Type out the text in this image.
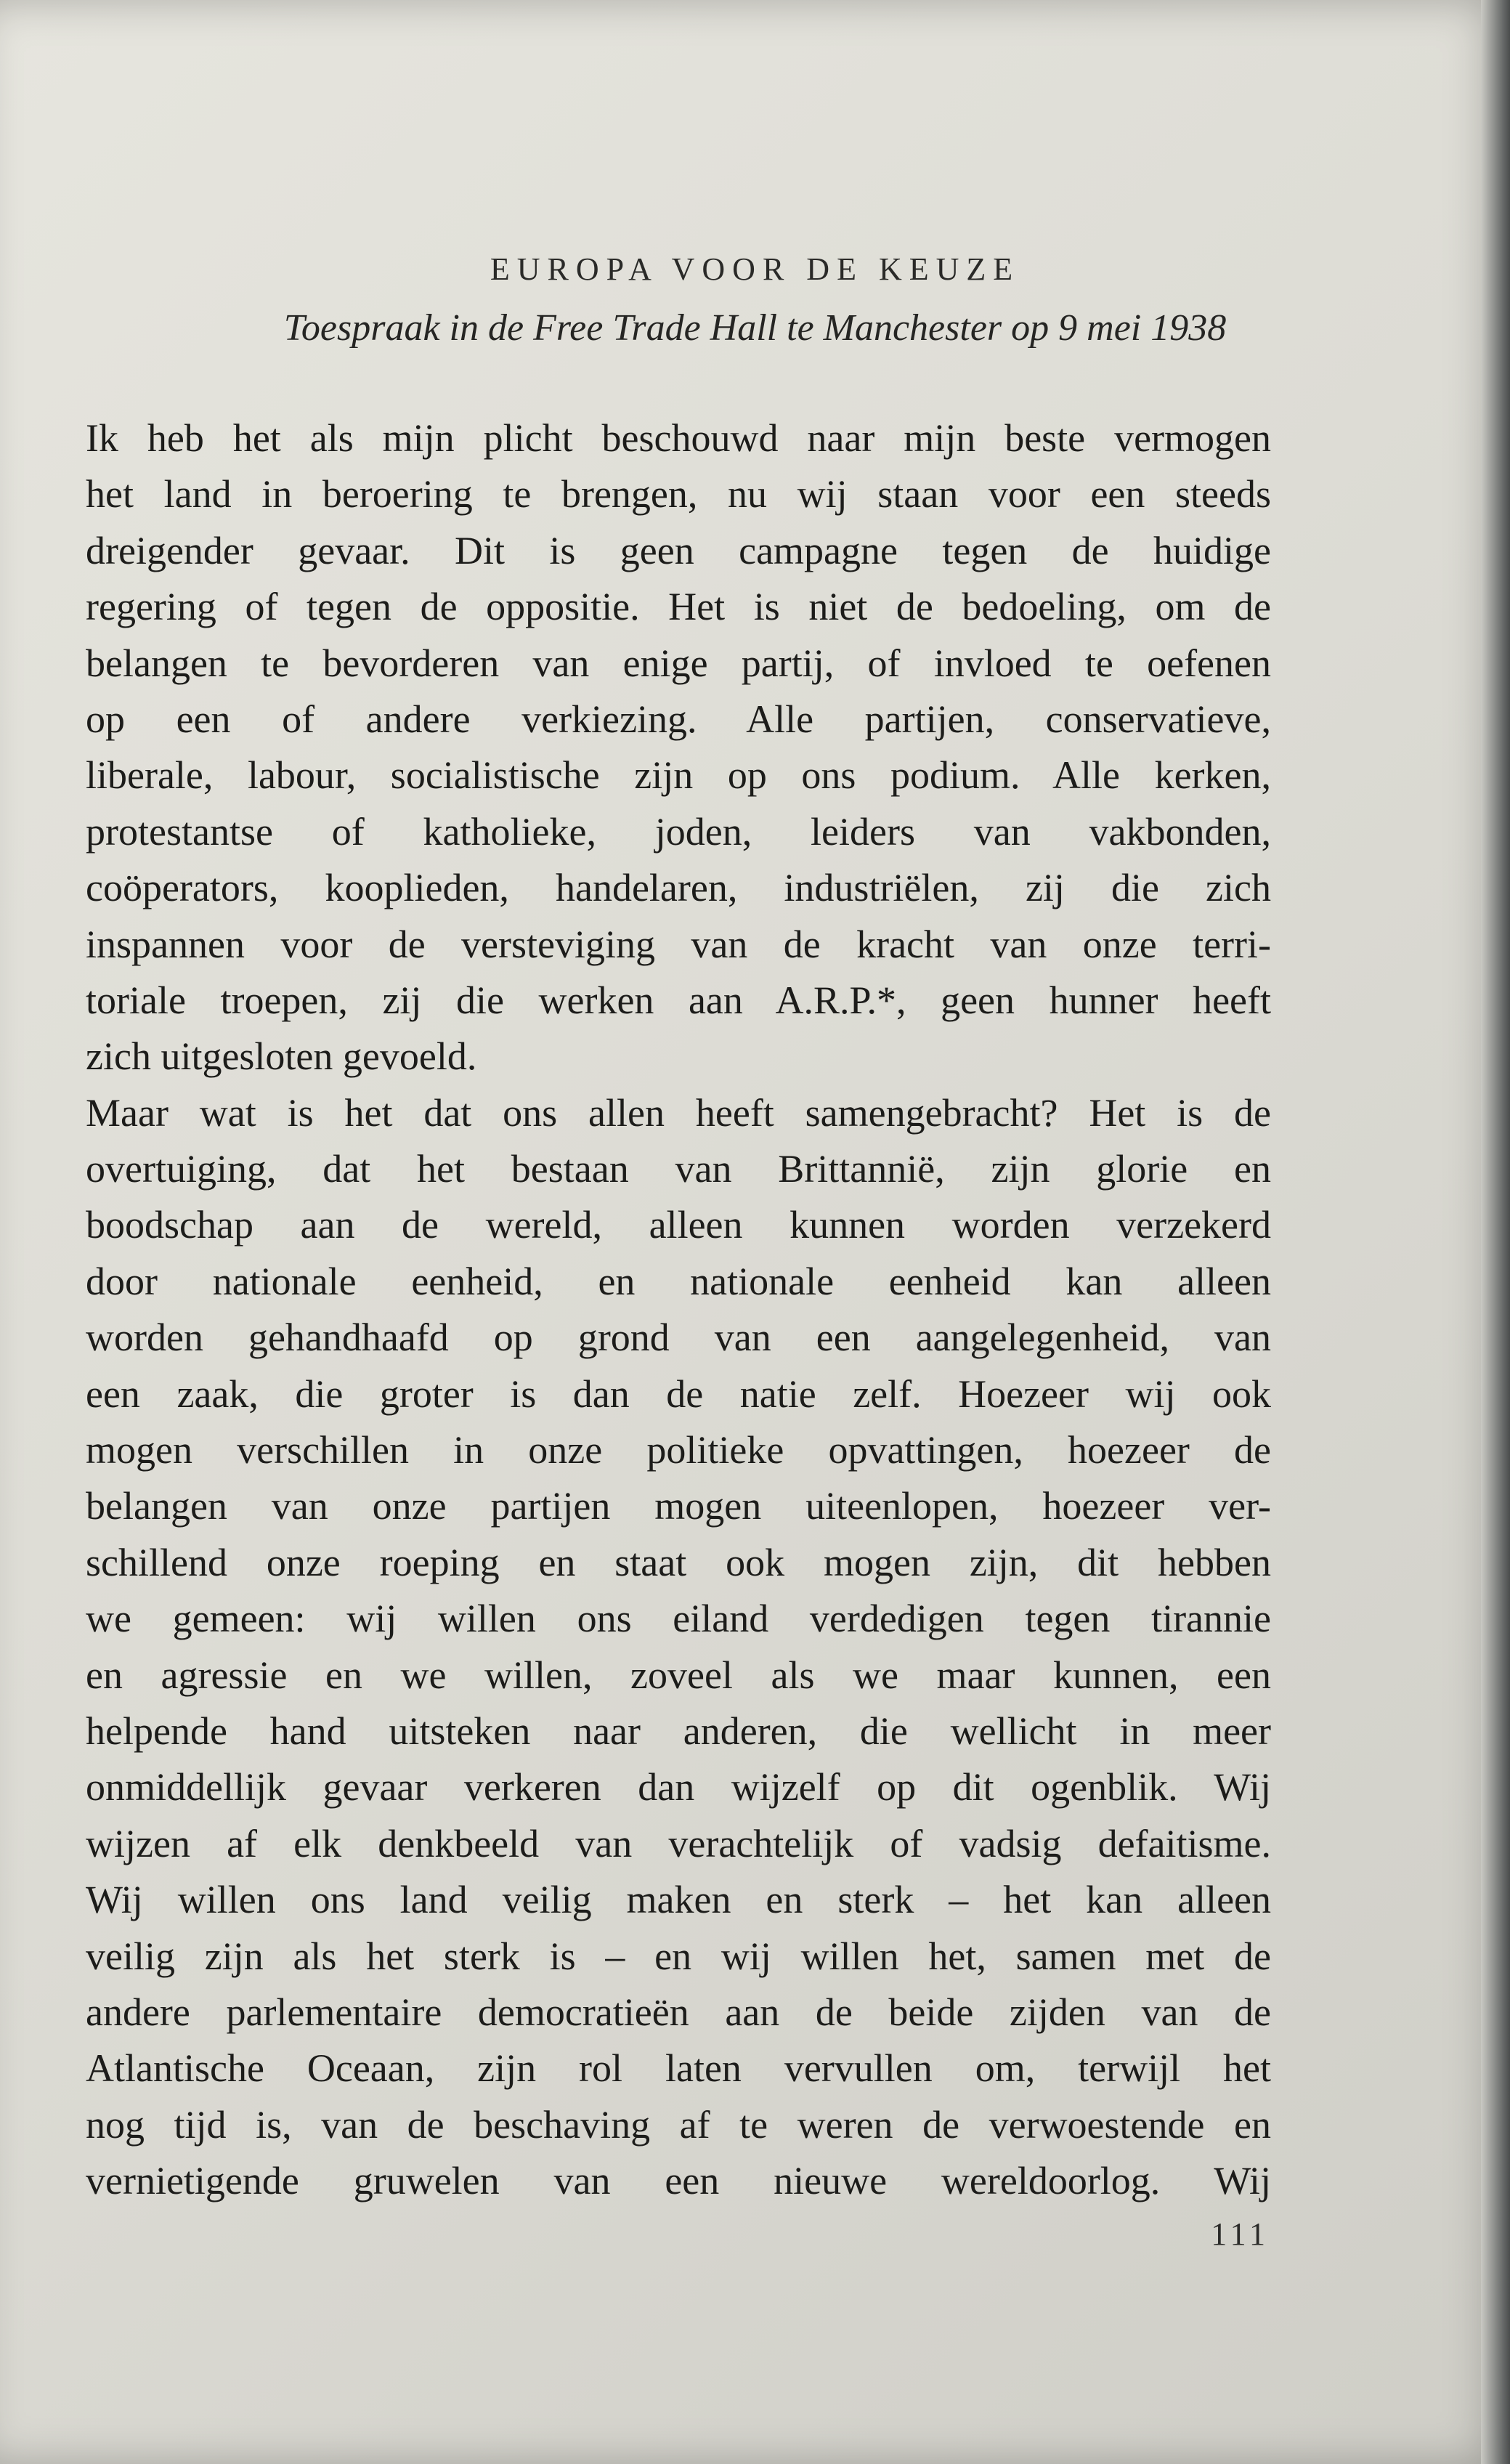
EUROPA VOOR DE KEUZE
Toespraak in de Free Trade Hall te Manchester op 9 mei 1938
Ik heb het als mijn plicht beschouwd naar mijn beste vermogen
het land in beroering te brengen, nu wij staan voor een steeds
dreigender gevaar. Dit is geen campagne tegen de huidige
regering of tegen de oppositie. Het is niet de bedoeling, om de
belangen te bevorderen van enige partij, of invloed te oefenen
op een of andere verkiezing. Alle partijen, conservatieve,
liberale, labour, socialistische zijn op ons podium. Alle kerken,
protestantse of katholieke, joden, leiders van vakbonden,
coöperators, kooplieden, handelaren, industriëlen, zij die zich
inspannen voor de versteviging van de kracht van onze terri-
toriale troepen, zij die werken aan A.R.P.*, geen hunner heeft
zich uitgesloten gevoeld.
Maar wat is het dat ons allen heeft samengebracht? Het is de
overtuiging, dat het bestaan van Brittannië, zijn glorie en
boodschap aan de wereld, alleen kunnen worden verzekerd
door nationale eenheid, en nationale eenheid kan alleen
worden gehandhaafd op grond van een aangelegenheid, van
een zaak, die groter is dan de natie zelf. Hoezeer wij ook
mogen verschillen in onze politieke opvattingen, hoezeer de
belangen van onze partijen mogen uiteenlopen, hoezeer ver-
schillend onze roeping en staat ook mogen zijn, dit hebben
we gemeen: wij willen ons eiland verdedigen tegen tirannie
en agressie en we willen, zoveel als we maar kunnen, een
helpende hand uitsteken naar anderen, die wellicht in meer
onmiddellijk gevaar verkeren dan wijzelf op dit ogenblik. Wij
wijzen af elk denkbeeld van verachtelijk of vadsig defaitisme.
Wij willen ons land veilig maken en sterk – het kan alleen
veilig zijn als het sterk is – en wij willen het, samen met de
andere parlementaire democratieën aan de beide zijden van de
Atlantische Oceaan, zijn rol laten vervullen om, terwijl het
nog tijd is, van de beschaving af te weren de verwoestende en
vernietigende gruwelen van een nieuwe wereldoorlog. Wij
111
